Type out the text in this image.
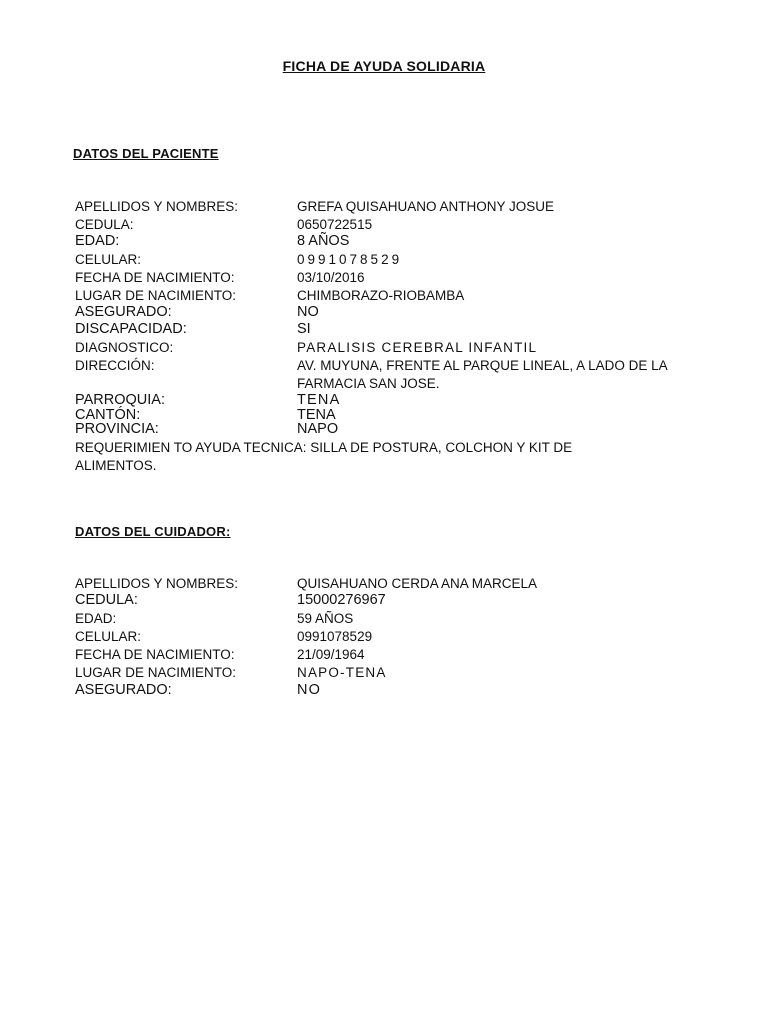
FICHA DE AYUDA SOLIDARIA
DATOS DEL PACIENTE
APELLIDOS Y NOMBRES:	GREFA QUISAHUANO ANTHONY JOSUE
CEDULA:	0650722515
EDAD:	8 AÑOS
CELULAR:	0991078529
FECHA DE NACIMIENTO:	03/10/2016
LUGAR DE NACIMIENTO:	CHIMBORAZO-RIOBAMBA
ASEGURADO:	NO
DISCAPACIDAD:	SI
DIAGNOSTICO:	PARALISIS CEREBRAL INFANTIL
DIRECCIÓN:	AV. MUYUNA, FRENTE AL PARQUE LINEAL, A LADO DE LA FARMACIA SAN JOSE.
PARROQUIA:	TENA
CANTÓN:	TENA
PROVINCIA:	NAPO
REQUERIMIEN TO AYUDA TECNICA: SILLA DE POSTURA, COLCHON Y KIT DE ALIMENTOS.
DATOS DEL CUIDADOR:
APELLIDOS Y NOMBRES:	QUISAHUANO CERDA ANA MARCELA
CEDULA:	15000276967
EDAD:	59 AÑOS
CELULAR:	0991078529
FECHA DE NACIMIENTO:	21/09/1964
LUGAR DE NACIMIENTO:	NAPO-TENA
ASEGURADO:	NO
